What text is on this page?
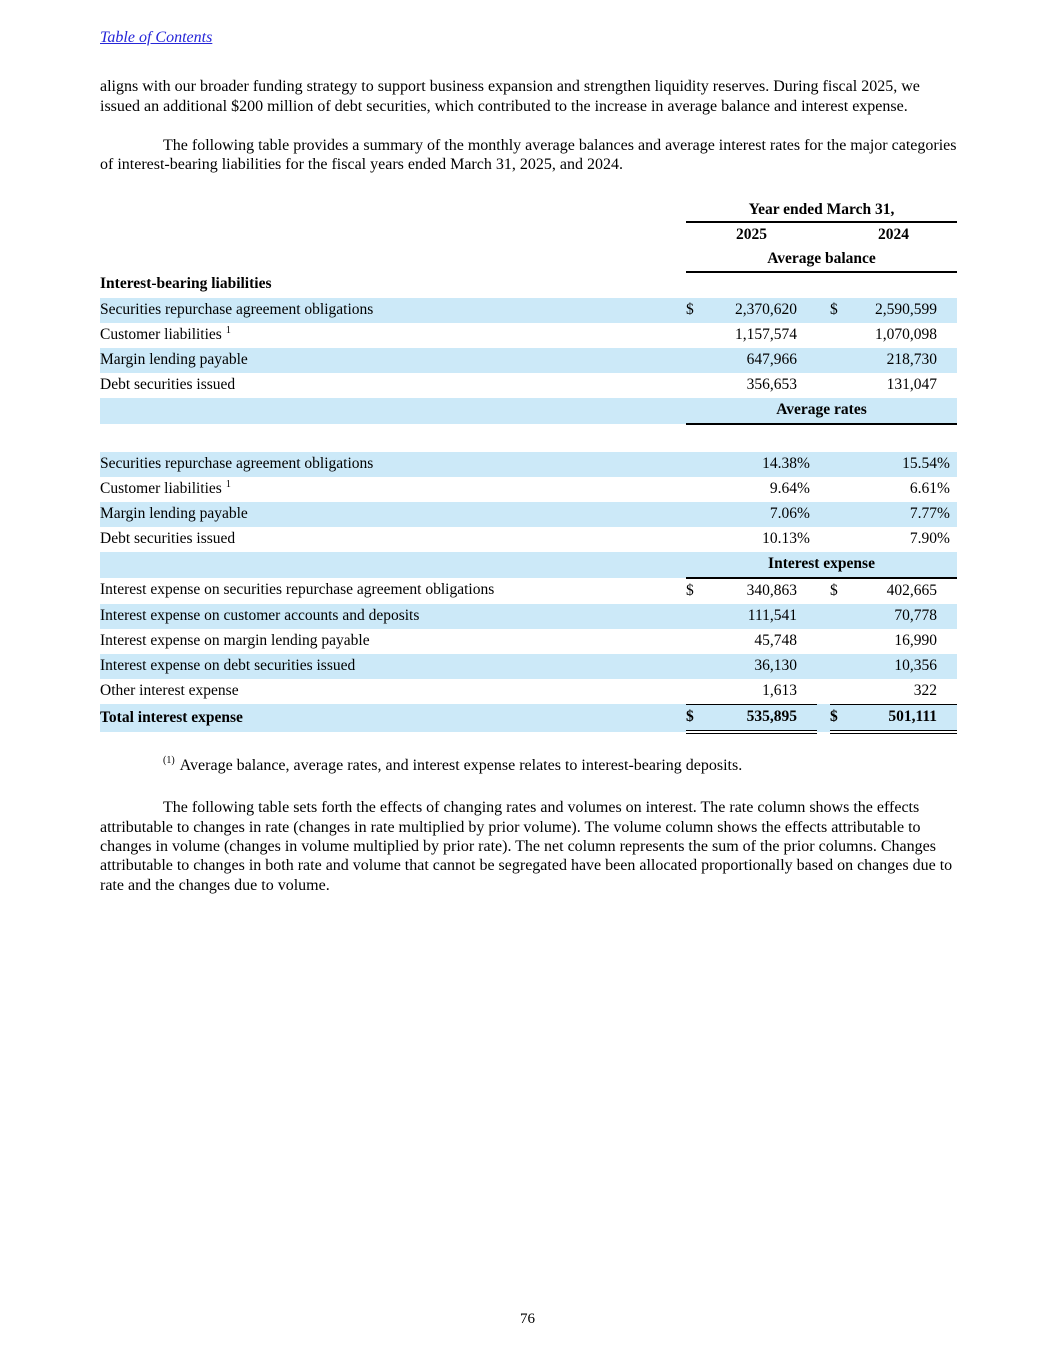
Table of Contents

aligns with our broader funding strategy to support business expansion and strengthen liquidity reserves. During fiscal 2025, we issued an additional $200 million of debt securities, which contributed to the increase in average balance and interest expense.

The following table provides a summary of the monthly average balances and average interest rates for the major categories of interest-bearing liabilities for the fiscal years ended March 31, 2025, and 2024.

	Year ended March 31,						
	2025				2024		
	Average balance						
Interest-bearing liabilities							
Securities repurchase agreement obligations	$	2,370,620			$	2,590,599	
Customer liabilities $^1$		1,157,574				1,070,098	
Margin lending payable		647,966				218,730	
Debt securities issued		356,653				131,047	
	Average rates						

Securities repurchase agreement obligations		14.38	%			15.54	%
Customer liabilities $^1$		9.64	%			6.61	%
Margin lending payable		7.06	%			7.77	%
Debt securities issued		10.13	%			7.90	%
	Interest expense						
Interest expense on securities repurchase agreement obligations	$	340,863			$	402,665	
Interest expense on customer accounts and deposits		111,541				70,778	
Interest expense on margin lending payable		45,748				16,990	
Interest expense on debt securities issued		36,130				10,356	
Other interest expense		1,613				322	
Total interest expense	$	535,895			$	501,111	

$^{(1)}$ Average balance, average rates, and interest expense relates to interest-bearing deposits.

The following table sets forth the effects of changing rates and volumes on interest. The rate column shows the effects attributable to changes in rate (changes in rate multiplied by prior volume). The volume column shows the effects attributable to changes in volume (changes in volume multiplied by prior rate). The net column represents the sum of the prior columns. Changes attributable to changes in both rate and volume that cannot be segregated have been allocated proportionally based on changes due to rate and the changes due to volume.

76
